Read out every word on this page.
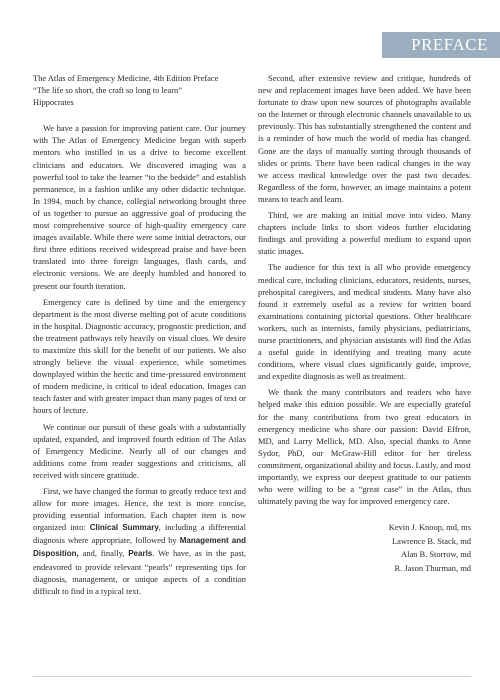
PREFACE
The Atlas of Emergency Medicine, 4th Edition Preface
“The life so short, the craft so long to learn”
Hippocrates

We have a passion for improving patient care. Our journey with The Atlas of Emergency Medicine began with superb mentors who instilled in us a drive to become excellent clinicians and educators. We discovered imaging was a powerful tool to take the learner “to the bedside” and establish permanence, in a fashion unlike any other didactic technique. In 1994, much by chance, collegial networking brought three of us together to pursue an aggressive goal of producing the most comprehensive source of high-quality emergency care images available. While there were some initial detractors, our first three editions received widespread praise and have been translated into three foreign languages, flash cards, and electronic versions. We are deeply humbled and honored to present our fourth iteration.

Emergency care is defined by time and the emergency department is the most diverse melting pot of acute conditions in the hospital. Diagnostic accuracy, prognostic prediction, and the treatment pathways rely heavily on visual clues. We desire to maximize this skill for the benefit of our patients. We also strongly believe the visual experience, while sometimes downplayed within the hectic and time-pressured environment of modern medicine, is critical to ideal education. Images can teach faster and with greater impact than many pages of text or hours of lecture.

We continue our pursuit of these goals with a substantially updated, expanded, and improved fourth edition of The Atlas of Emergency Medicine. Nearly all of our changes and additions come from reader suggestions and criticisms, all received with sincere gratitude.

First, we have changed the format to greatly reduce text and allow for more images. Hence, the text is more concise, providing essential information. Each chapter item is now organized into: Clinical Summary, including a differential diagnosis where appropriate, followed by Management and Disposition, and, finally, Pearls. We have, as in the past, endeavored to provide relevant “pearls” representing tips for diagnosis, management, or unique aspects of a condition difficult to find in a typical text.

Second, after extensive review and critique, hundreds of new and replacement images have been added. We have been fortunate to draw upon new sources of photographs available on the Internet or through electronic channels unavailable to us previously. This has substantially strengthened the content and is a reminder of how much the world of media has changed. Gone are the days of manually sorting through thousands of slides or prints. There have been radical changes in the way we access medical knowledge over the past two decades. Regardless of the form, however, an image maintains a potent means to teach and learn.

Third, we are making an initial move into video. Many chapters include links to short videos further elucidating findings and providing a powerful medium to expand upon static images.

The audience for this text is all who provide emergency medical care, including clinicians, educators, residents, nurses, prehospital caregivers, and medical students. Many have also found it extremely useful as a review for written board examinations containing pictorial questions. Other healthcare workers, such as internists, family physicians, pediatricians, nurse practitioners, and physician assistants will find the Atlas a useful guide in identifying and treating many acute conditions, where visual clues significantly guide, improve, and expedite diagnosis as well as treatment.

We thank the many contributors and readers who have helped make this edition possible. We are especially grateful for the many contributions from two great educators in emergency medicine who share our passion: David Effron, MD, and Larry Mellick, MD. Also, special thanks to Anne Sydor, PhD, our McGraw-Hill editor for her tireless commitment, organizational ability and focus. Lastly, and most importantly, we express our deepest gratitude to our patients who were willing to be a “great case” in the Atlas, thus ultimately paving the way for improved emergency care.

Kevin J. Knoop, md, ms
Lawrence B. Stack, md
Alan B. Storrow, md
R. Jason Thurman, md
